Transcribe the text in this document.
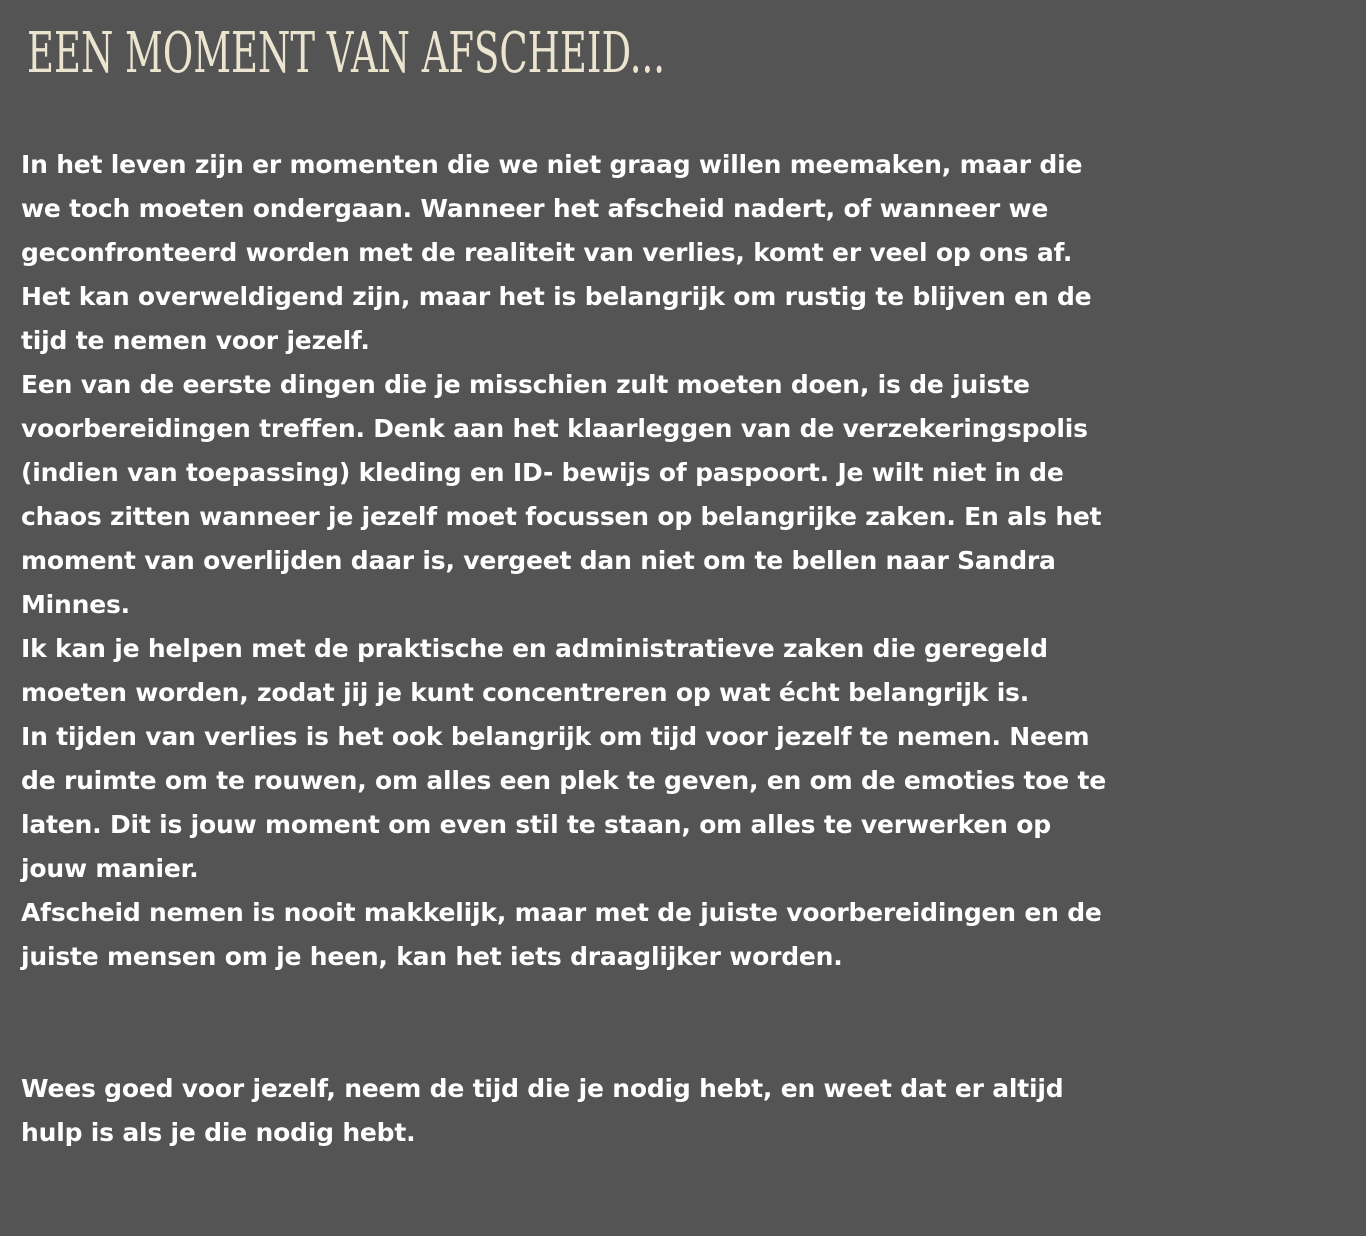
EEN MOMENT VAN AFSCHEID...
In het leven zijn er momenten die we niet graag willen meemaken, maar die
we toch moeten ondergaan. Wanneer het afscheid nadert, of wanneer we
geconfronteerd worden met de realiteit van verlies, komt er veel op ons af.
Het kan overweldigend zijn, maar het is belangrijk om rustig te blijven en de
tijd te nemen voor jezelf.
Een van de eerste dingen die je misschien zult moeten doen, is de juiste
voorbereidingen treffen. Denk aan het klaarleggen van de verzekeringspolis
(indien van toepassing) kleding en ID- bewijs of paspoort. Je wilt niet in de
chaos zitten wanneer je jezelf moet focussen op belangrijke zaken. En als het
moment van overlijden daar is, vergeet dan niet om te bellen naar Sandra
Minnes.
Ik kan je helpen met de praktische en administratieve zaken die geregeld
moeten worden, zodat jij je kunt concentreren op wat écht belangrijk is.
In tijden van verlies is het ook belangrijk om tijd voor jezelf te nemen. Neem
de ruimte om te rouwen, om alles een plek te geven, en om de emoties toe te
laten. Dit is jouw moment om even stil te staan, om alles te verwerken op
jouw manier.
Afscheid nemen is nooit makkelijk, maar met de juiste voorbereidingen en de
juiste mensen om je heen, kan het iets draaglijker worden.
Wees goed voor jezelf, neem de tijd die je nodig hebt, en weet dat er altijd
hulp is als je die nodig hebt.
